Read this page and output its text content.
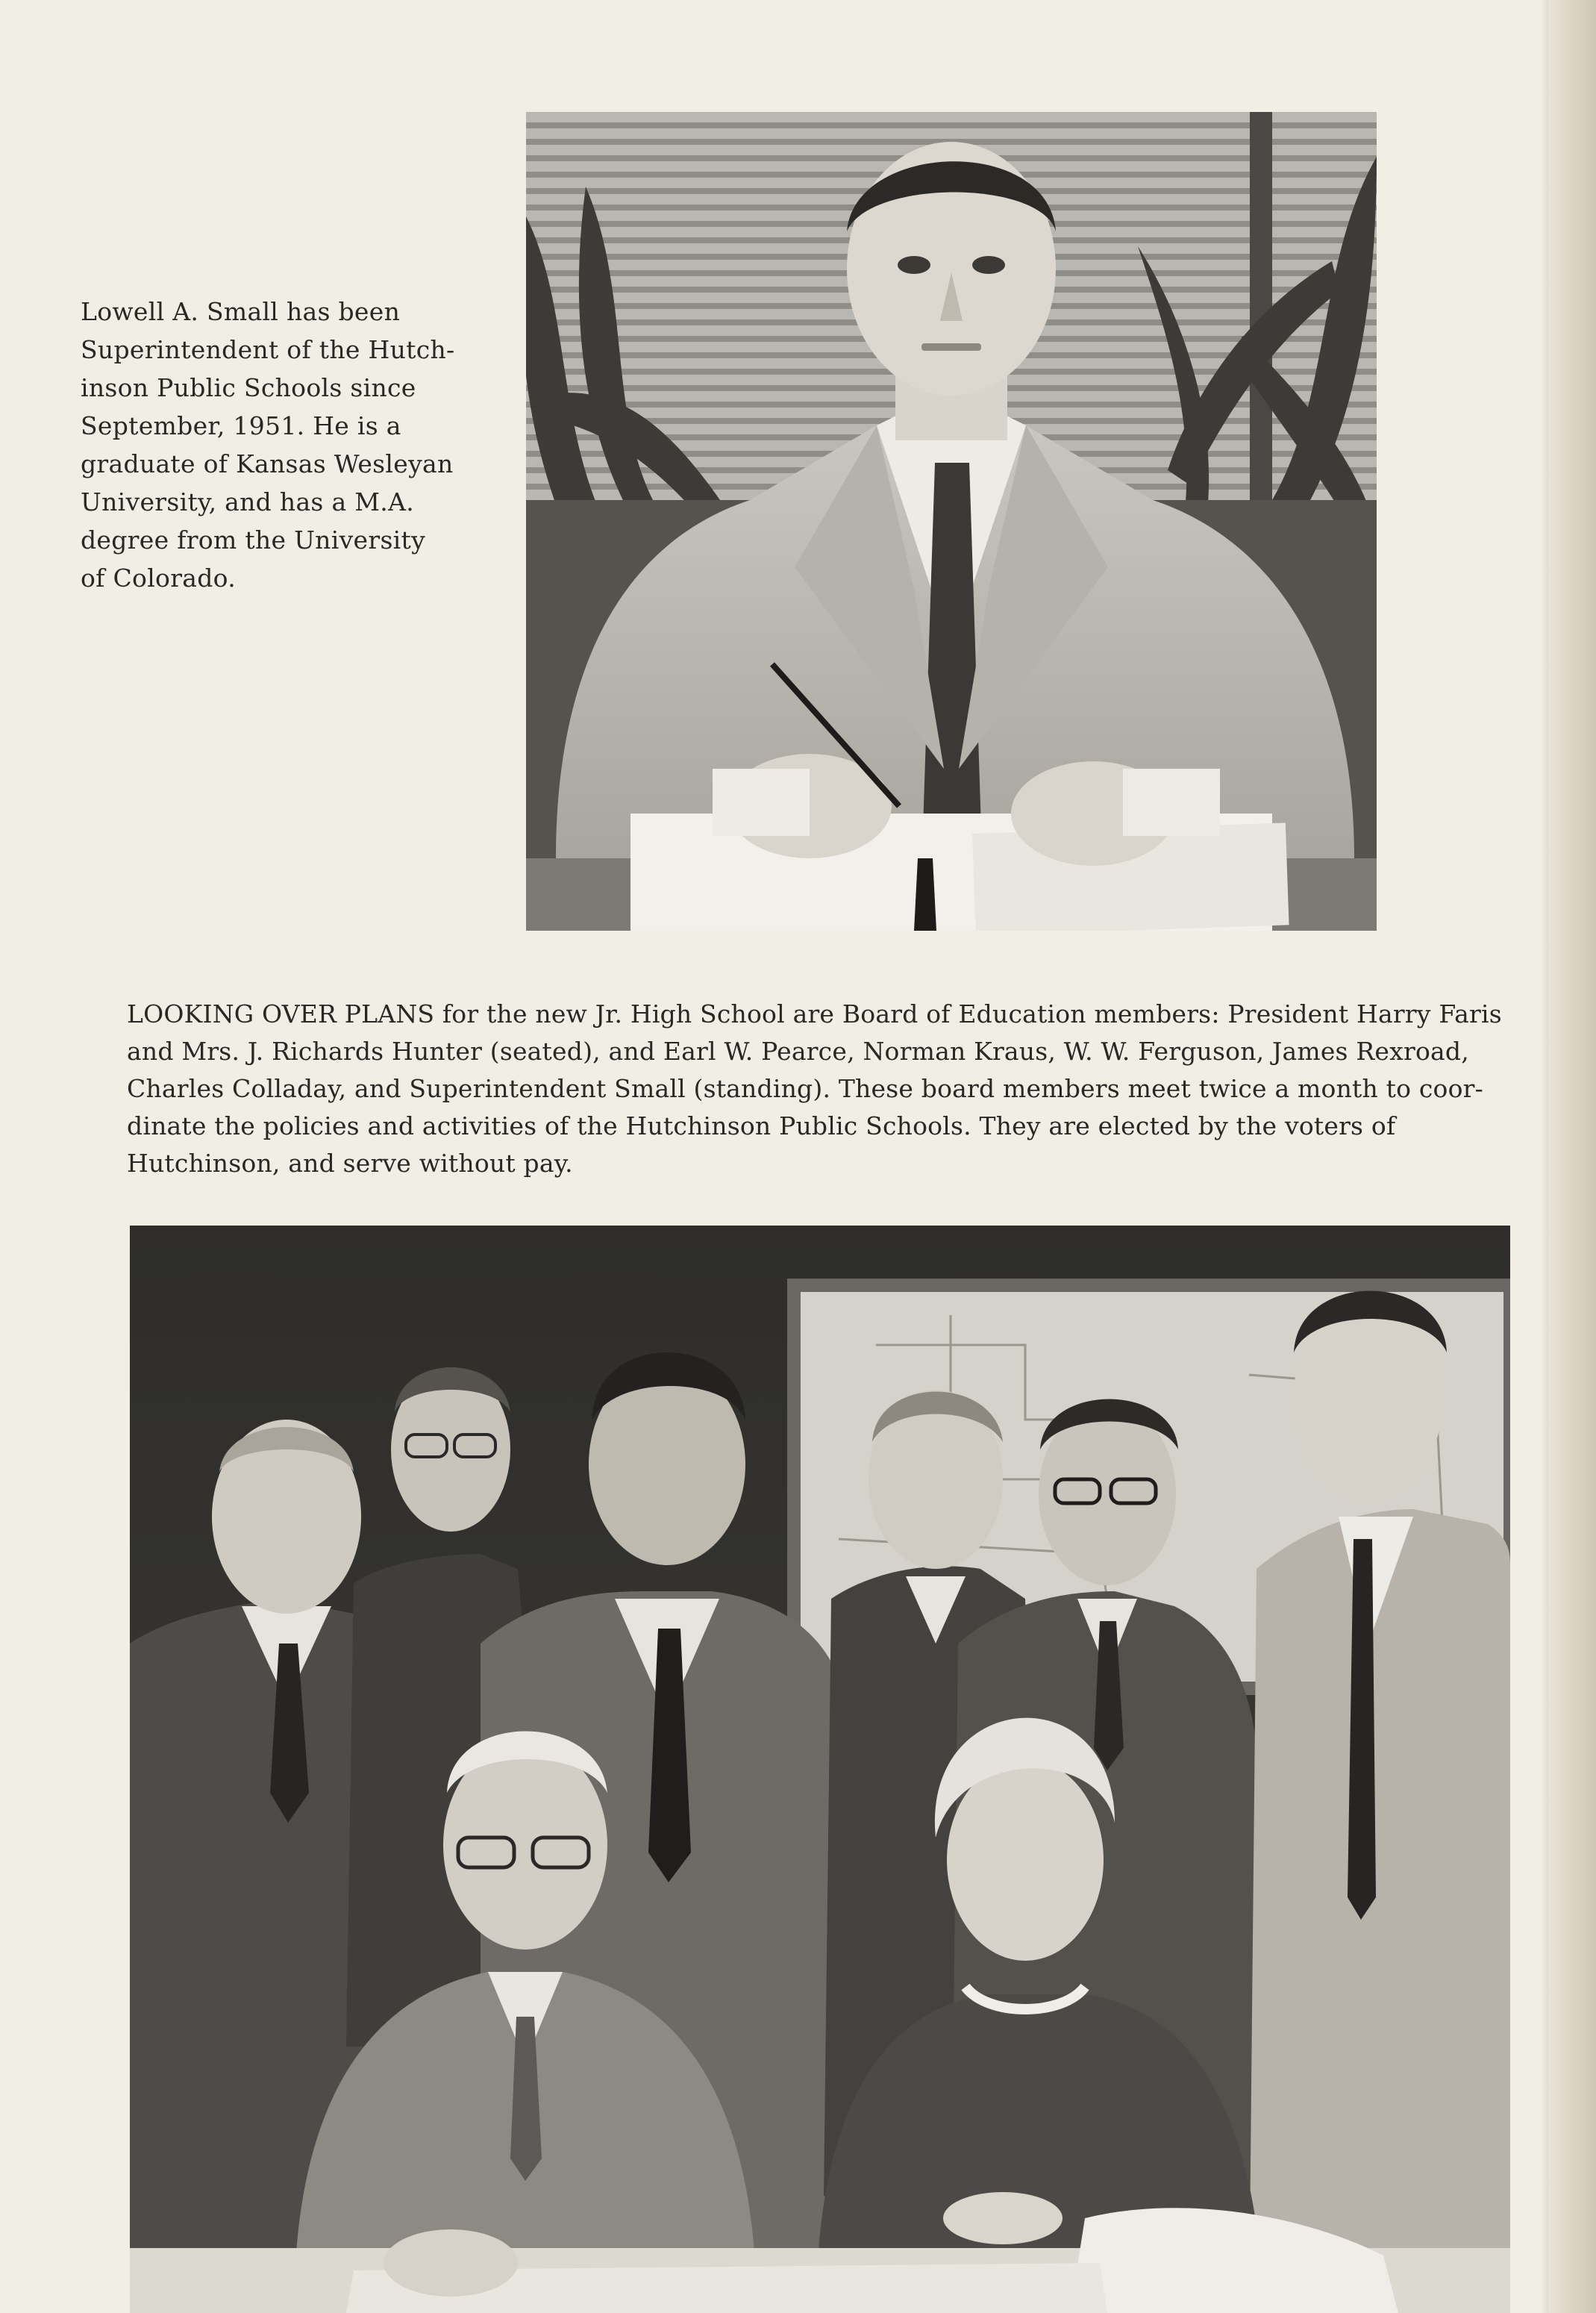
Lowell A. Small has been
Superintendent of the Hutch-
inson Public Schools since
September, 1951. He is a
graduate of Kansas Wesleyan
University, and has a M.A.
degree from the University
of Colorado.

LOOKING OVER PLANS for the new Jr. High School are Board of Education members: President Harry Faris
and Mrs. J. Richards Hunter (seated), and Earl W. Pearce, Norman Kraus, W. W. Ferguson, James Rexroad,
Charles Colladay, and Superintendent Small (standing). These board members meet twice a month to coor-
dinate the policies and activities of the Hutchinson Public Schools. They are elected by the voters of
Hutchinson, and serve without pay.
